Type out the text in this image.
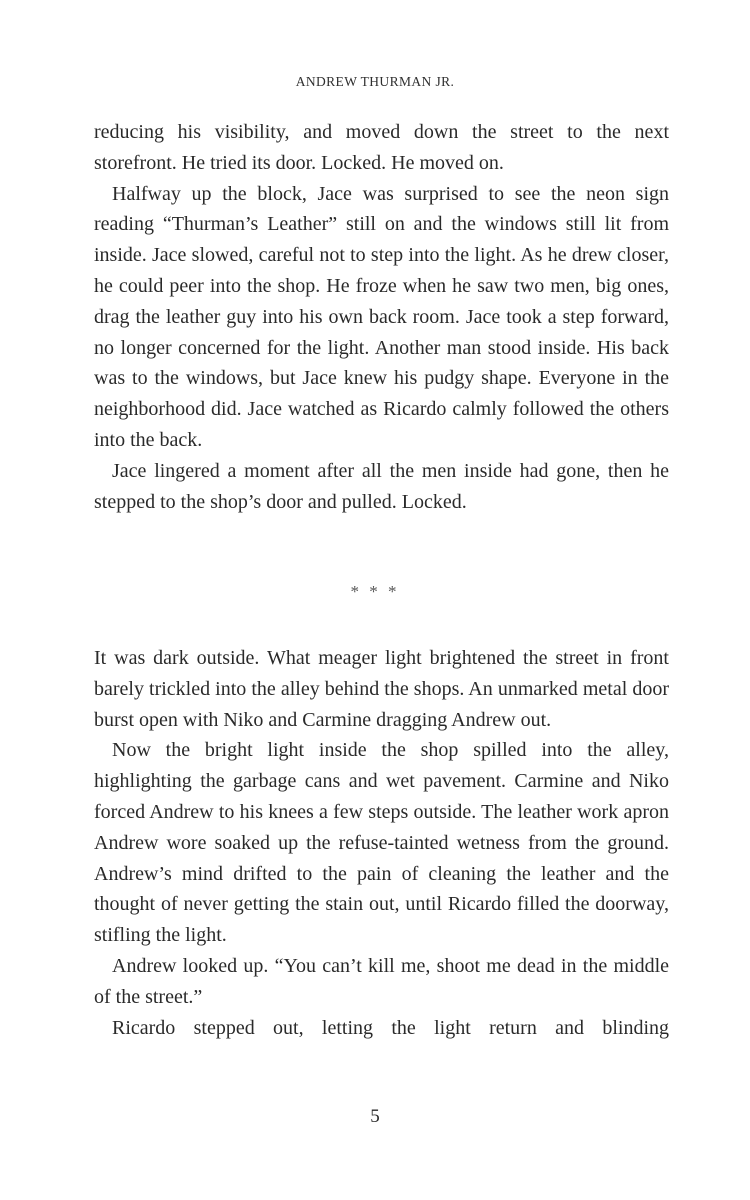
ANDREW THURMAN JR.

reducing his visibility, and moved down the street to the next storefront. He tried its door. Locked. He moved on.

Halfway up the block, Jace was surprised to see the neon sign reading “Thurman’s Leather” still on and the windows still lit from inside. Jace slowed, careful not to step into the light. As he drew closer, he could peer into the shop. He froze when he saw two men, big ones, drag the leather guy into his own back room. Jace took a step forward, no longer concerned for the light. Another man stood inside. His back was to the windows, but Jace knew his pudgy shape. Everyone in the neighborhood did. Jace watched as Ricardo calmly followed the others into the back.

Jace lingered a moment after all the men inside had gone, then he stepped to the shop’s door and pulled. Locked.

* * *

It was dark outside. What meager light brightened the street in front barely trickled into the alley behind the shops. An unmarked metal door burst open with Niko and Carmine dragging Andrew out.

Now the bright light inside the shop spilled into the alley, highlighting the garbage cans and wet pavement. Carmine and Niko forced Andrew to his knees a few steps outside. The leather work apron Andrew wore soaked up the refuse-tainted wetness from the ground. Andrew’s mind drifted to the pain of cleaning the leather and the thought of never getting the stain out, until Ricardo filled the doorway, stifling the light.

Andrew looked up. “You can’t kill me, shoot me dead in the middle of the street.”

Ricardo stepped out, letting the light return and blinding

5
